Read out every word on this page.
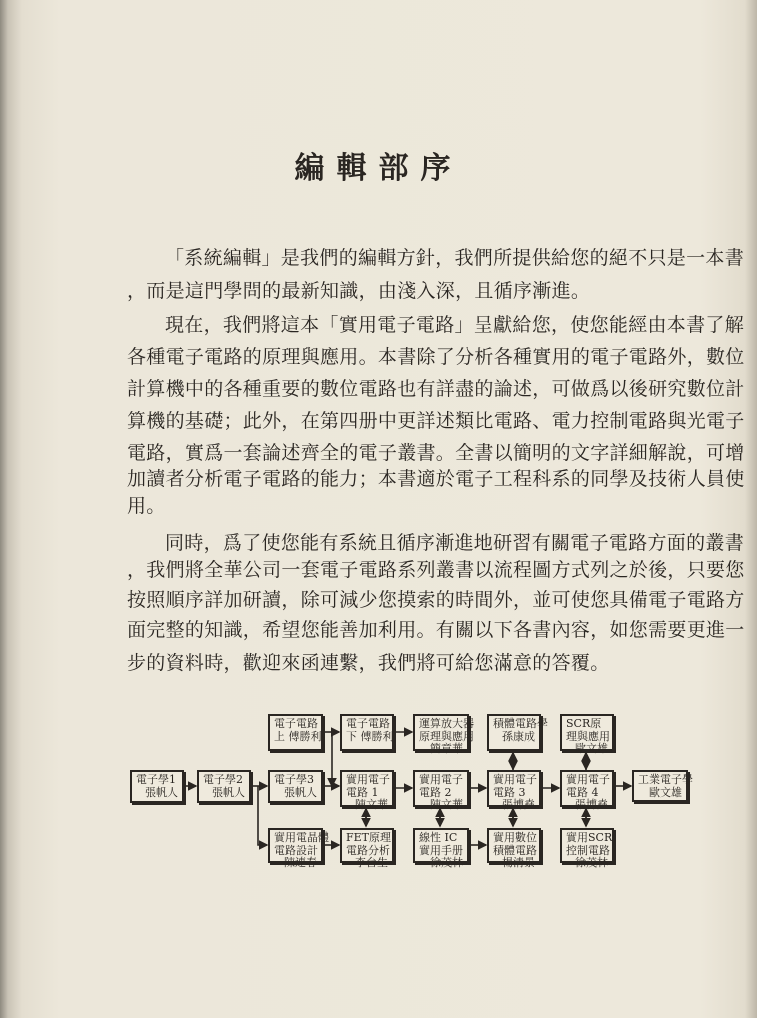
編輯部序
「系統編輯」是我們的編輯方針，我們所提供給您的絕不只是一本書
，而是這門學問的最新知識，由淺入深，且循序漸進。
現在，我們將這本「實用電子電路」呈獻給您，使您能經由本書了解
各種電子電路的原理與應用。本書除了分析各種實用的電子電路外，數位
計算機中的各種重要的數位電路也有詳盡的論述，可做爲以後研究數位計
算機的基礎；此外，在第四册中更詳述類比電路、電力控制電路與光電子
電路，實爲一套論述齊全的電子叢書。全書以簡明的文字詳細解說，可增
加讀者分析電子電路的能力；本書適於電子工程科系的同學及技術人員使
用。
同時，爲了使您能有系統且循序漸進地研習有關電子電路方面的叢書
，我們將全華公司一套電子電路系列叢書以流程圖方式列之於後，只要您
按照順序詳加研讀，除可減少您摸索的時間外，並可使您具備電子電路方
面完整的知識，希望您能善加利用。有關以下各書內容，如您需要更進一
步的資料時，歡迎來函連繫，我們將可給您滿意的答覆。
電子學1
張帆人
電子學2
張帆人
電子學3
張帆人
電子電路
上 傅勝利
電子電路
下 傅勝利
實用電子
電路 1
陳文華
實用電晶體
電路設計
陳連春
FET原理
電路分析
李台生
運算放大器
原理與應用
簡章華
實用電子
電路 2
陳文華
線性 IC
實用手册
徐茂林
積體電路學
孫康成
實用電子
電路 3
張博堯
實用數位
積體電路
楊清景
SCR原
理與應用
歐文雄
實用電子
電路 4
張博堯
實用SCR
控制電路
徐茂林
工業電子學
歐文雄
